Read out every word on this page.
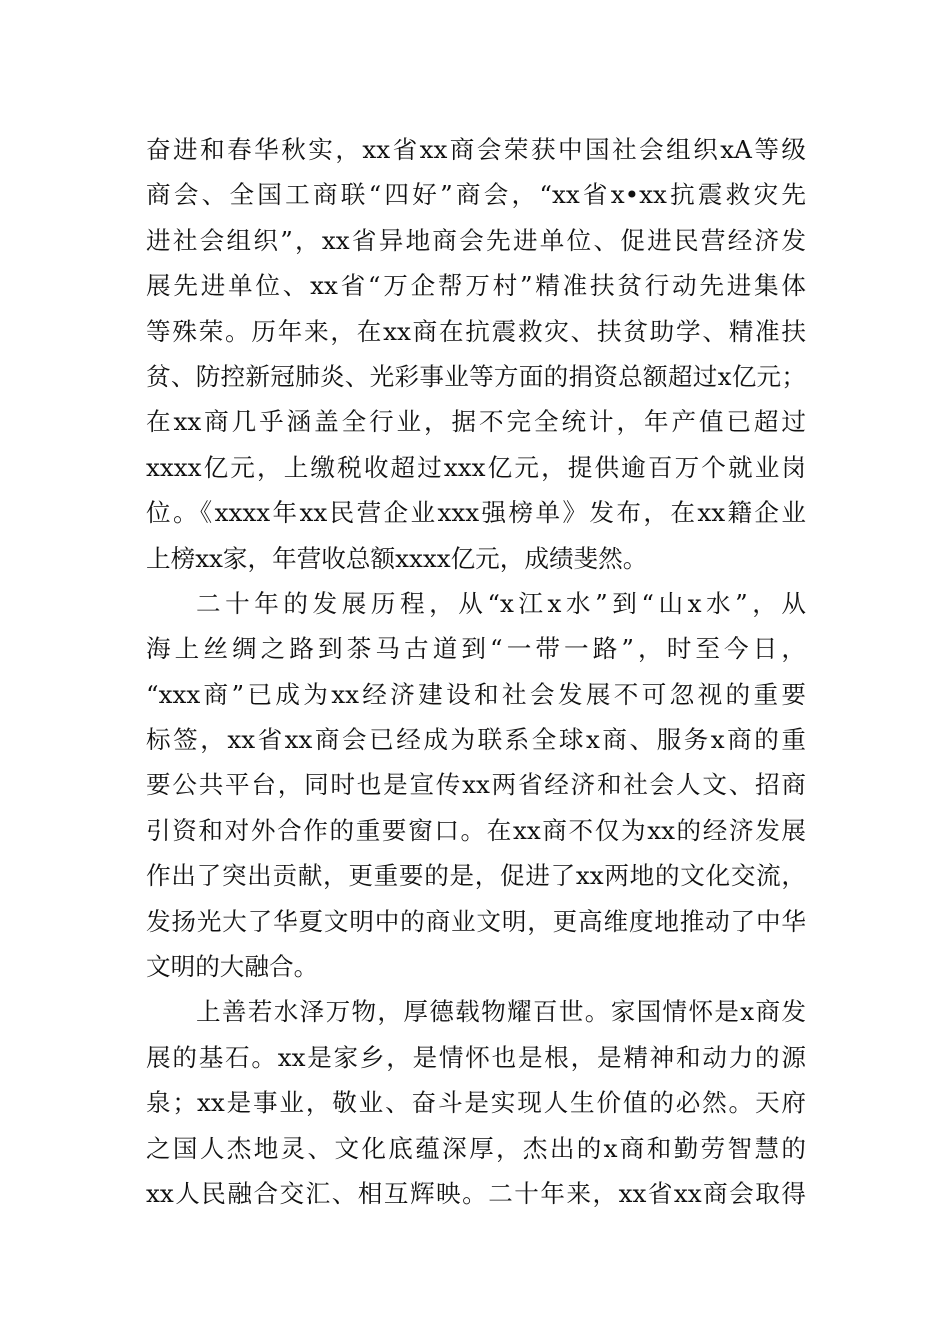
奋进和春华秋实，xx省xx商会荣获中国社会组织xA等级
商会、全国工商联“四好”商会，“xx省x•xx抗震救灾先
进社会组织”，xx省异地商会先进单位、促进民营经济发
展先进单位、xx省“万企帮万村”精准扶贫行动先进集体
等殊荣。历年来，在xx商在抗震救灾、扶贫助学、精准扶
贫、防控新冠肺炎、光彩事业等方面的捐资总额超过x亿元；
在xx商几乎涵盖全行业，据不完全统计，年产值已超过
xxxx亿元，上缴税收超过xxx亿元，提供逾百万个就业岗
位。《xxxx年xx民营企业xxx强榜单》发布，在xx籍企业
上榜xx家，年营收总额xxxx亿元，成绩斐然。
二十年的发展历程，从“x江x水”到“山x水”，从
海上丝绸之路到茶马古道到“一带一路”，时至今日，
“xxx商”已成为xx经济建设和社会发展不可忽视的重要
标签，xx省xx商会已经成为联系全球x商、服务x商的重
要公共平台，同时也是宣传xx两省经济和社会人文、招商
引资和对外合作的重要窗口。在xx商不仅为xx的经济发展
作出了突出贡献，更重要的是，促进了xx两地的文化交流，
发扬光大了华夏文明中的商业文明，更高维度地推动了中华
文明的大融合。
上善若水泽万物，厚德载物耀百世。家国情怀是x商发
展的基石。xx是家乡，是情怀也是根，是精神和动力的源
泉；xx是事业，敬业、奋斗是实现人生价值的必然。天府
之国人杰地灵、文化底蕴深厚，杰出的x商和勤劳智慧的
xx人民融合交汇、相互辉映。二十年来，xx省xx商会取得
